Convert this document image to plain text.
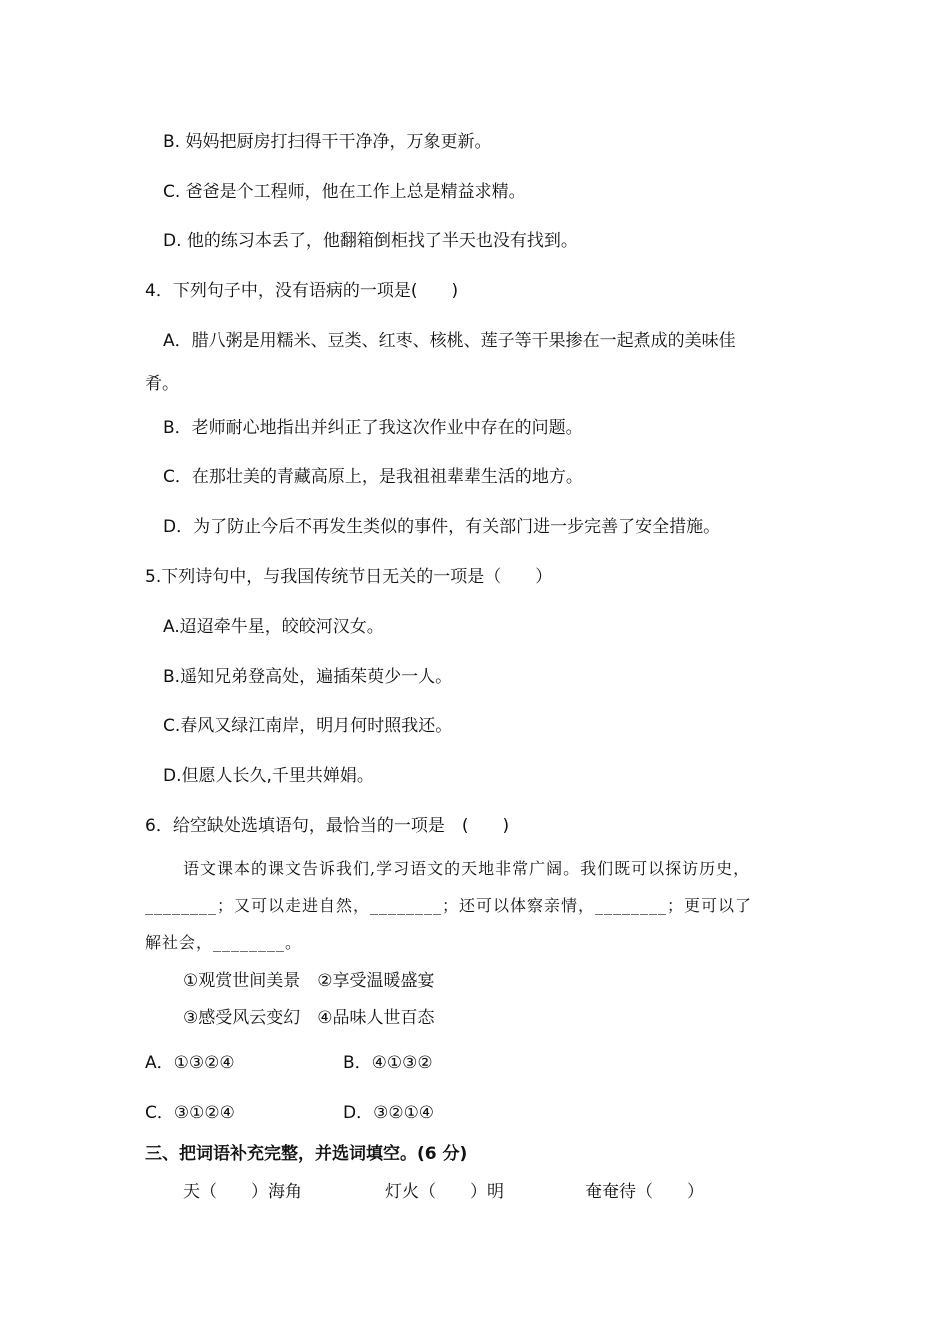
B. 妈妈把厨房打扫得干干净净，万象更新。
C. 爸爸是个工程师，他在工作上总是精益求精。
D. 他的练习本丢了，他翻箱倒柜找了半天也没有找到。
4．下列句子中，没有语病的一项是(　　)
A．腊八粥是用糯米、豆类、红枣、核桃、莲子等干果掺在一起煮成的美味佳
肴。
B．老师耐心地指出并纠正了我这次作业中存在的问题。
C．在那壮美的青藏高原上，是我祖祖辈辈生活的地方。
D．为了防止今后不再发生类似的事件，有关部门进一步完善了安全措施。
5.下列诗句中，与我国传统节日无关的一项是（　　）
A.迢迢牵牛星，皎皎河汉女。
B.遥知兄弟登高处，遍插茱萸少一人。
C.春风又绿江南岸，明月何时照我还。
D.但愿人长久,千里共婵娟。
6．给空缺处选填语句，最恰当的一项是　(　　)
语文课本的课文告诉我们,学习语文的天地非常广阔。我们既可以探访历史，
________；又可以走进自然，________；还可以体察亲情，________；更可以了
解社会，________。
①观赏世间美景　②享受温暖盛宴
③感受风云变幻　④品味人世百态
A．①③②④	B．④①③②
C．③①②④	D．③②①④
三、把词语补充完整，并选词填空。(6 分)
天（　　）海角	灯火（　　）明	奄奄待（　　）
